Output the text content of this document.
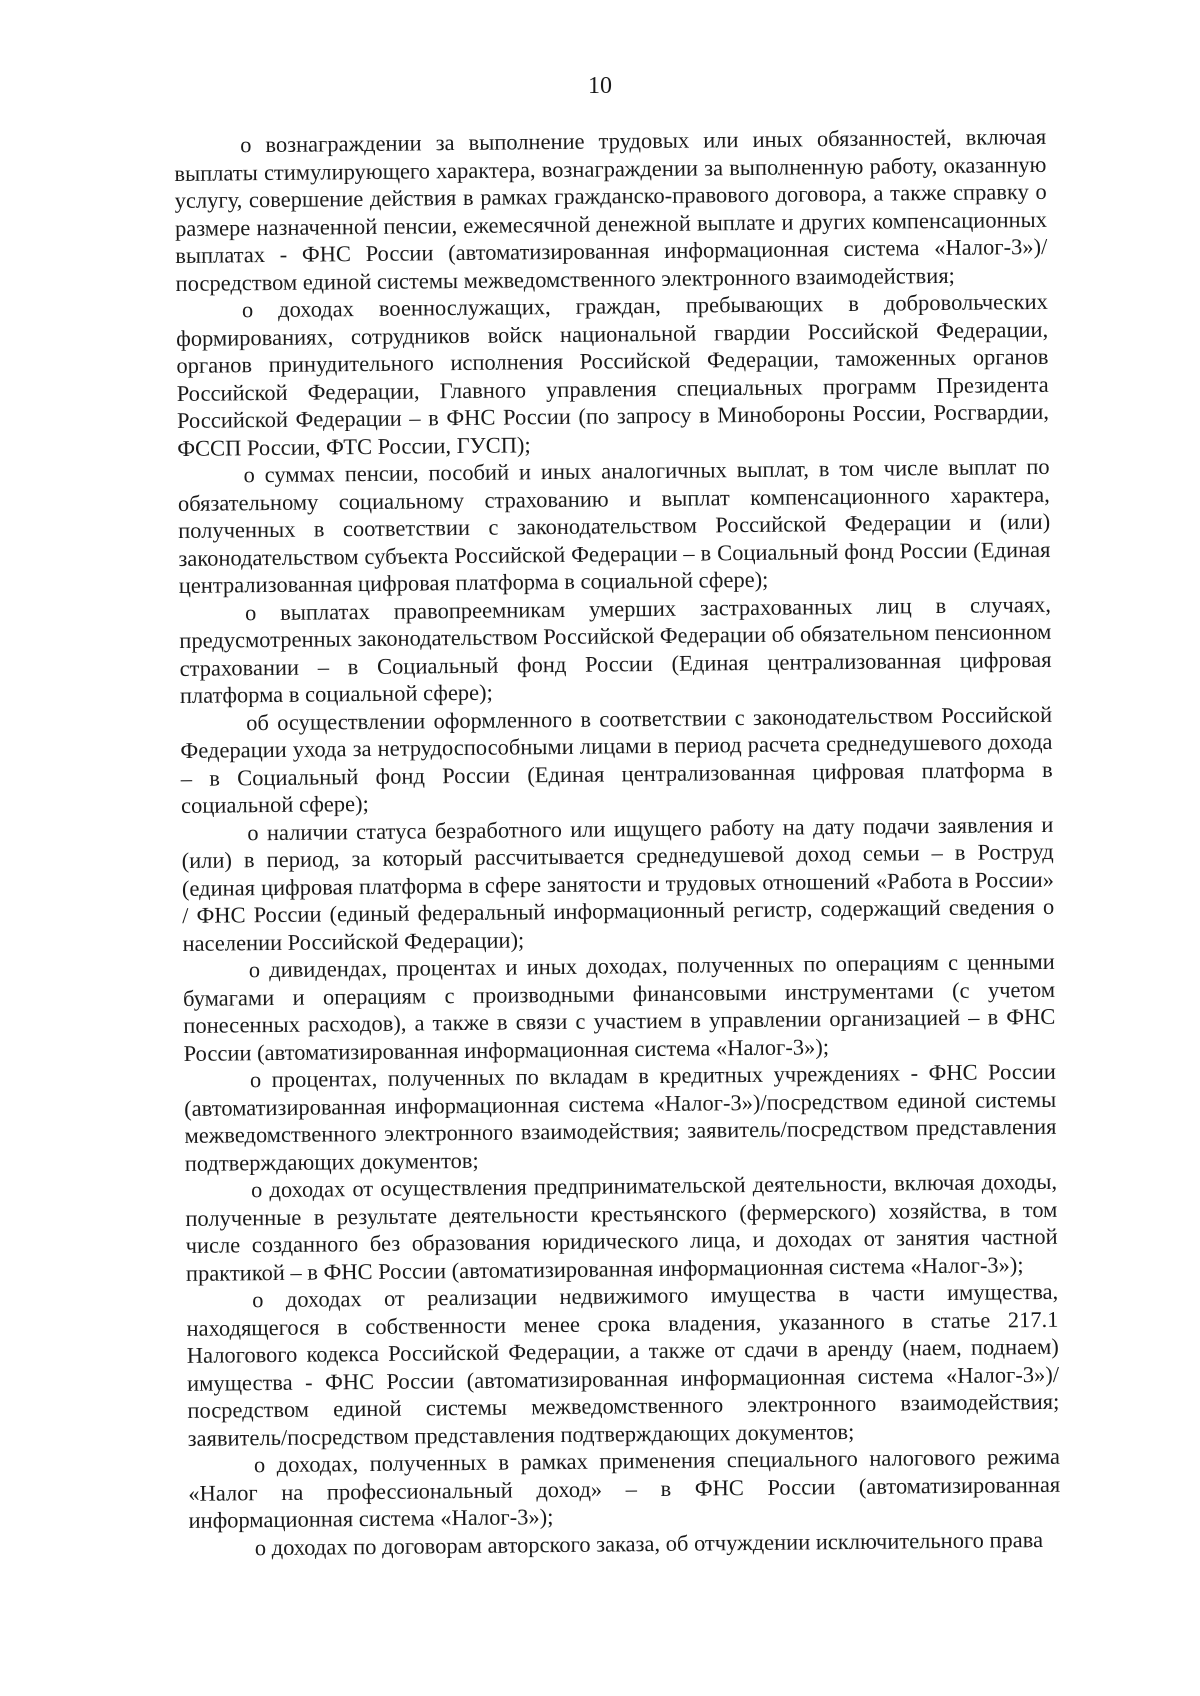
10

о вознаграждении за выполнение трудовых или иных обязанностей, включая выплаты стимулирующего характера, вознаграждении за выполненную работу, оказанную услугу, совершение действия в рамках гражданско-правового договора, а также справку о размере назначенной пенсии, ежемесячной денежной выплате и других компенсационных выплатах - ФНС России (автоматизированная информационная система «Налог-3»)/посредством единой системы межведомственного электронного взаимодействия;

о доходах военнослужащих, граждан, пребывающих в добровольческих формированиях, сотрудников войск национальной гвардии Российской Федерации, органов принудительного исполнения Российской Федерации, таможенных органов Российской Федерации, Главного управления специальных программ Президента Российской Федерации – в ФНС России (по запросу в Минобороны России, Росгвардии, ФССП России, ФТС России, ГУСП);

о суммах пенсии, пособий и иных аналогичных выплат, в том числе выплат по обязательному социальному страхованию и выплат компенсационного характера, полученных в соответствии с законодательством Российской Федерации и (или) законодательством субъекта Российской Федерации – в Социальный фонд России (Единая централизованная цифровая платформа в социальной сфере);

о выплатах правопреемникам умерших застрахованных лиц в случаях, предусмотренных законодательством Российской Федерации об обязательном пенсионном страховании – в Социальный фонд России (Единая централизованная цифровая платформа в социальной сфере);

об осуществлении оформленного в соответствии с законодательством Российской Федерации ухода за нетрудоспособными лицами в период расчета среднедушевого дохода – в Социальный фонд России (Единая централизованная цифровая платформа в социальной сфере);

о наличии статуса безработного или ищущего работу на дату подачи заявления и (или) в период, за который рассчитывается среднедушевой доход семьи – в Роструд (единая цифровая платформа в сфере занятости и трудовых отношений «Работа в России» / ФНС России (единый федеральный информационный регистр, содержащий сведения о населении Российской Федерации);

о дивидендах, процентах и иных доходах, полученных по операциям с ценными бумагами и операциям с производными финансовыми инструментами (с учетом понесенных расходов), а также в связи с участием в управлении организацией – в ФНС России (автоматизированная информационная система «Налог-3»);

о процентах, полученных по вкладам в кредитных учреждениях - ФНС России (автоматизированная информационная система «Налог-3»)/посредством единой системы межведомственного электронного взаимодействия; заявитель/посредством представления подтверждающих документов;

о доходах от осуществления предпринимательской деятельности, включая доходы, полученные в результате деятельности крестьянского (фермерского) хозяйства, в том числе созданного без образования юридического лица, и доходах от занятия частной практикой – в ФНС России (автоматизированная информационная система «Налог-3»);

о доходах от реализации недвижимого имущества в части имущества, находящегося в собственности менее срока владения, указанного в статье 217.1 Налогового кодекса Российской Федерации, а также от сдачи в аренду (наем, поднаем) имущества - ФНС России (автоматизированная информационная система «Налог-3»)/посредством единой системы межведомственного электронного взаимодействия; заявитель/посредством представления подтверждающих документов;

о доходах, полученных в рамках применения специального налогового режима «Налог на профессиональный доход» – в ФНС России (автоматизированная информационная система «Налог-3»);

о доходах по договорам авторского заказа, об отчуждении исключительного права
